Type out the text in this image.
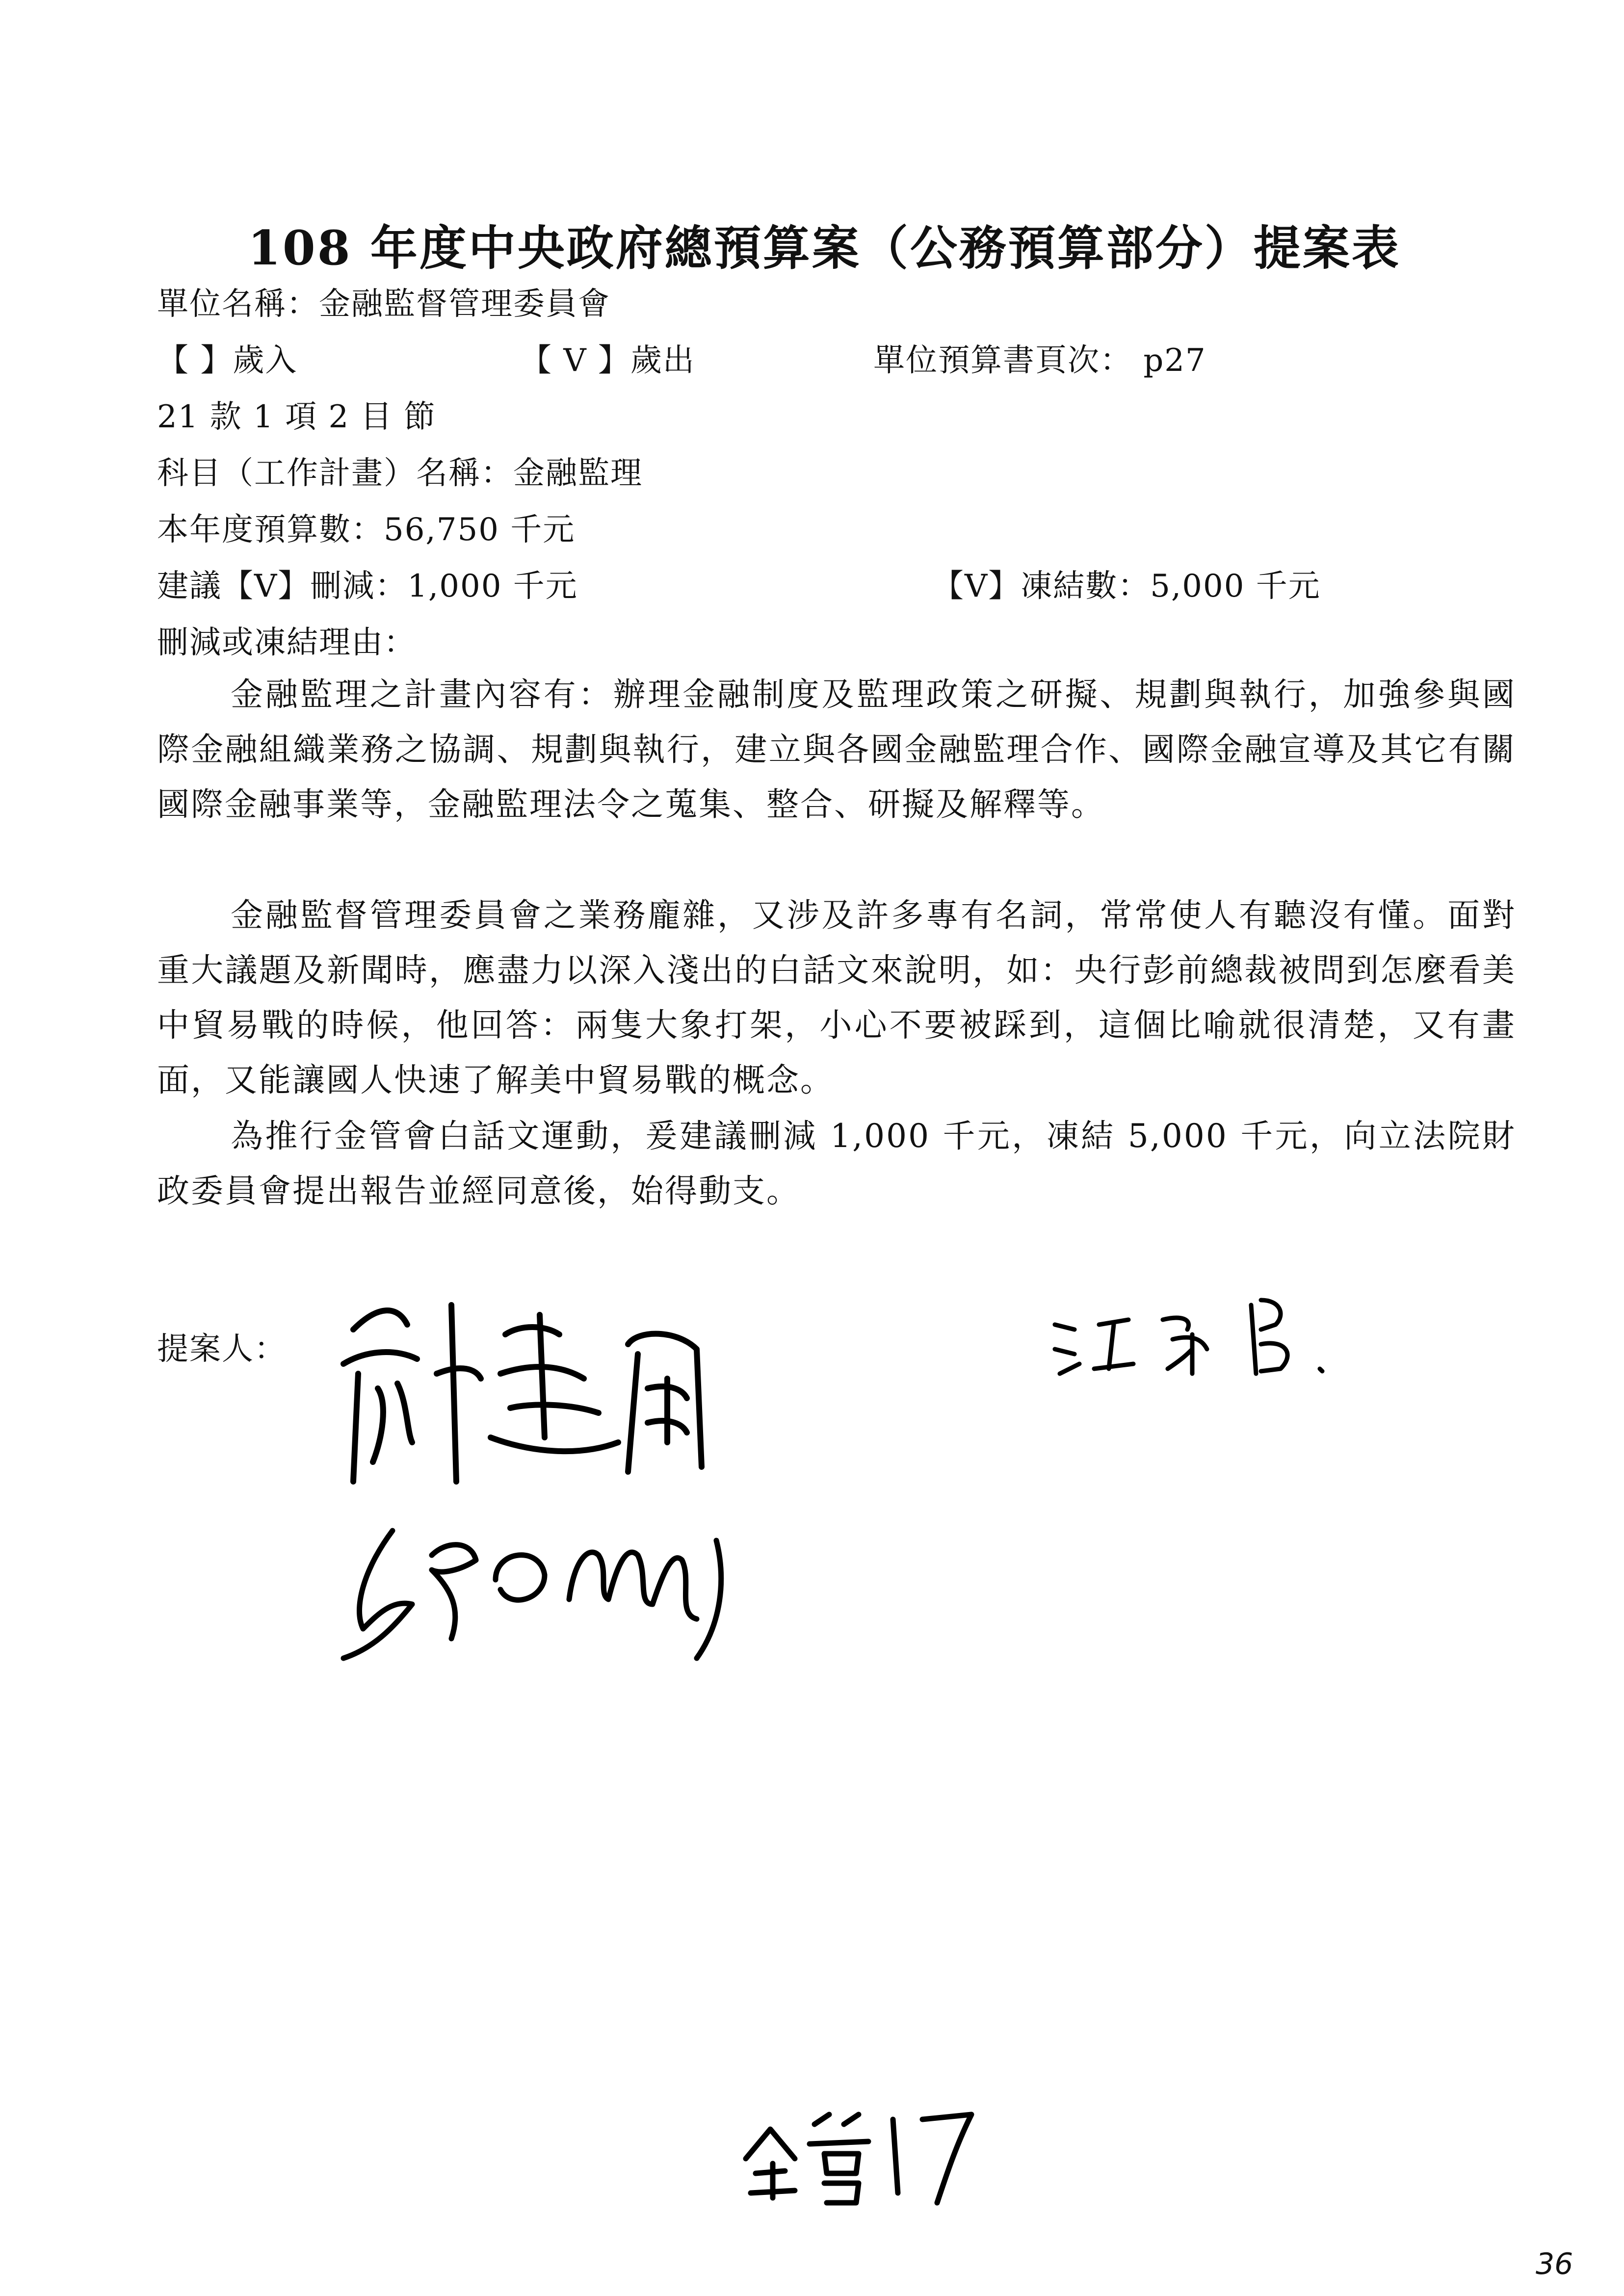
108 年度中央政府總預算案（公務預算部分）提案表
單位名稱：金融監督管理委員會
【 】歲入	【 V 】歲出	單位預算書頁次： p27
21 款 1 項 2 目 節
科目（工作計畫）名稱：金融監理
本年度預算數：56,750 千元
建議【V】刪減：1,000 千元	【V】凍結數：5,000 千元
刪減或凍結理由：
金融監理之計畫內容有：辦理金融制度及監理政策之研擬、規劃與執行，加強參與國際金融組織業務之協調、規劃與執行，建立與各國金融監理合作、國際金融宣導及其它有關國際金融事業等，金融監理法令之蒐集、整合、研擬及解釋等。
金融監督管理委員會之業務龐雜，又涉及許多專有名詞，常常使人有聽沒有懂。面對重大議題及新聞時，應盡力以深入淺出的白話文來說明，如：央行彭前總裁被問到怎麼看美中貿易戰的時候，他回答：兩隻大象打架，小心不要被踩到，這個比喻就很清楚，又有畫面，又能讓國人快速了解美中貿易戰的概念。
為推行金管會白話文運動，爰建議刪減 1,000 千元，凍結 5,000 千元，向立法院財政委員會提出報告並經同意後，始得動支。
提案人：
36
